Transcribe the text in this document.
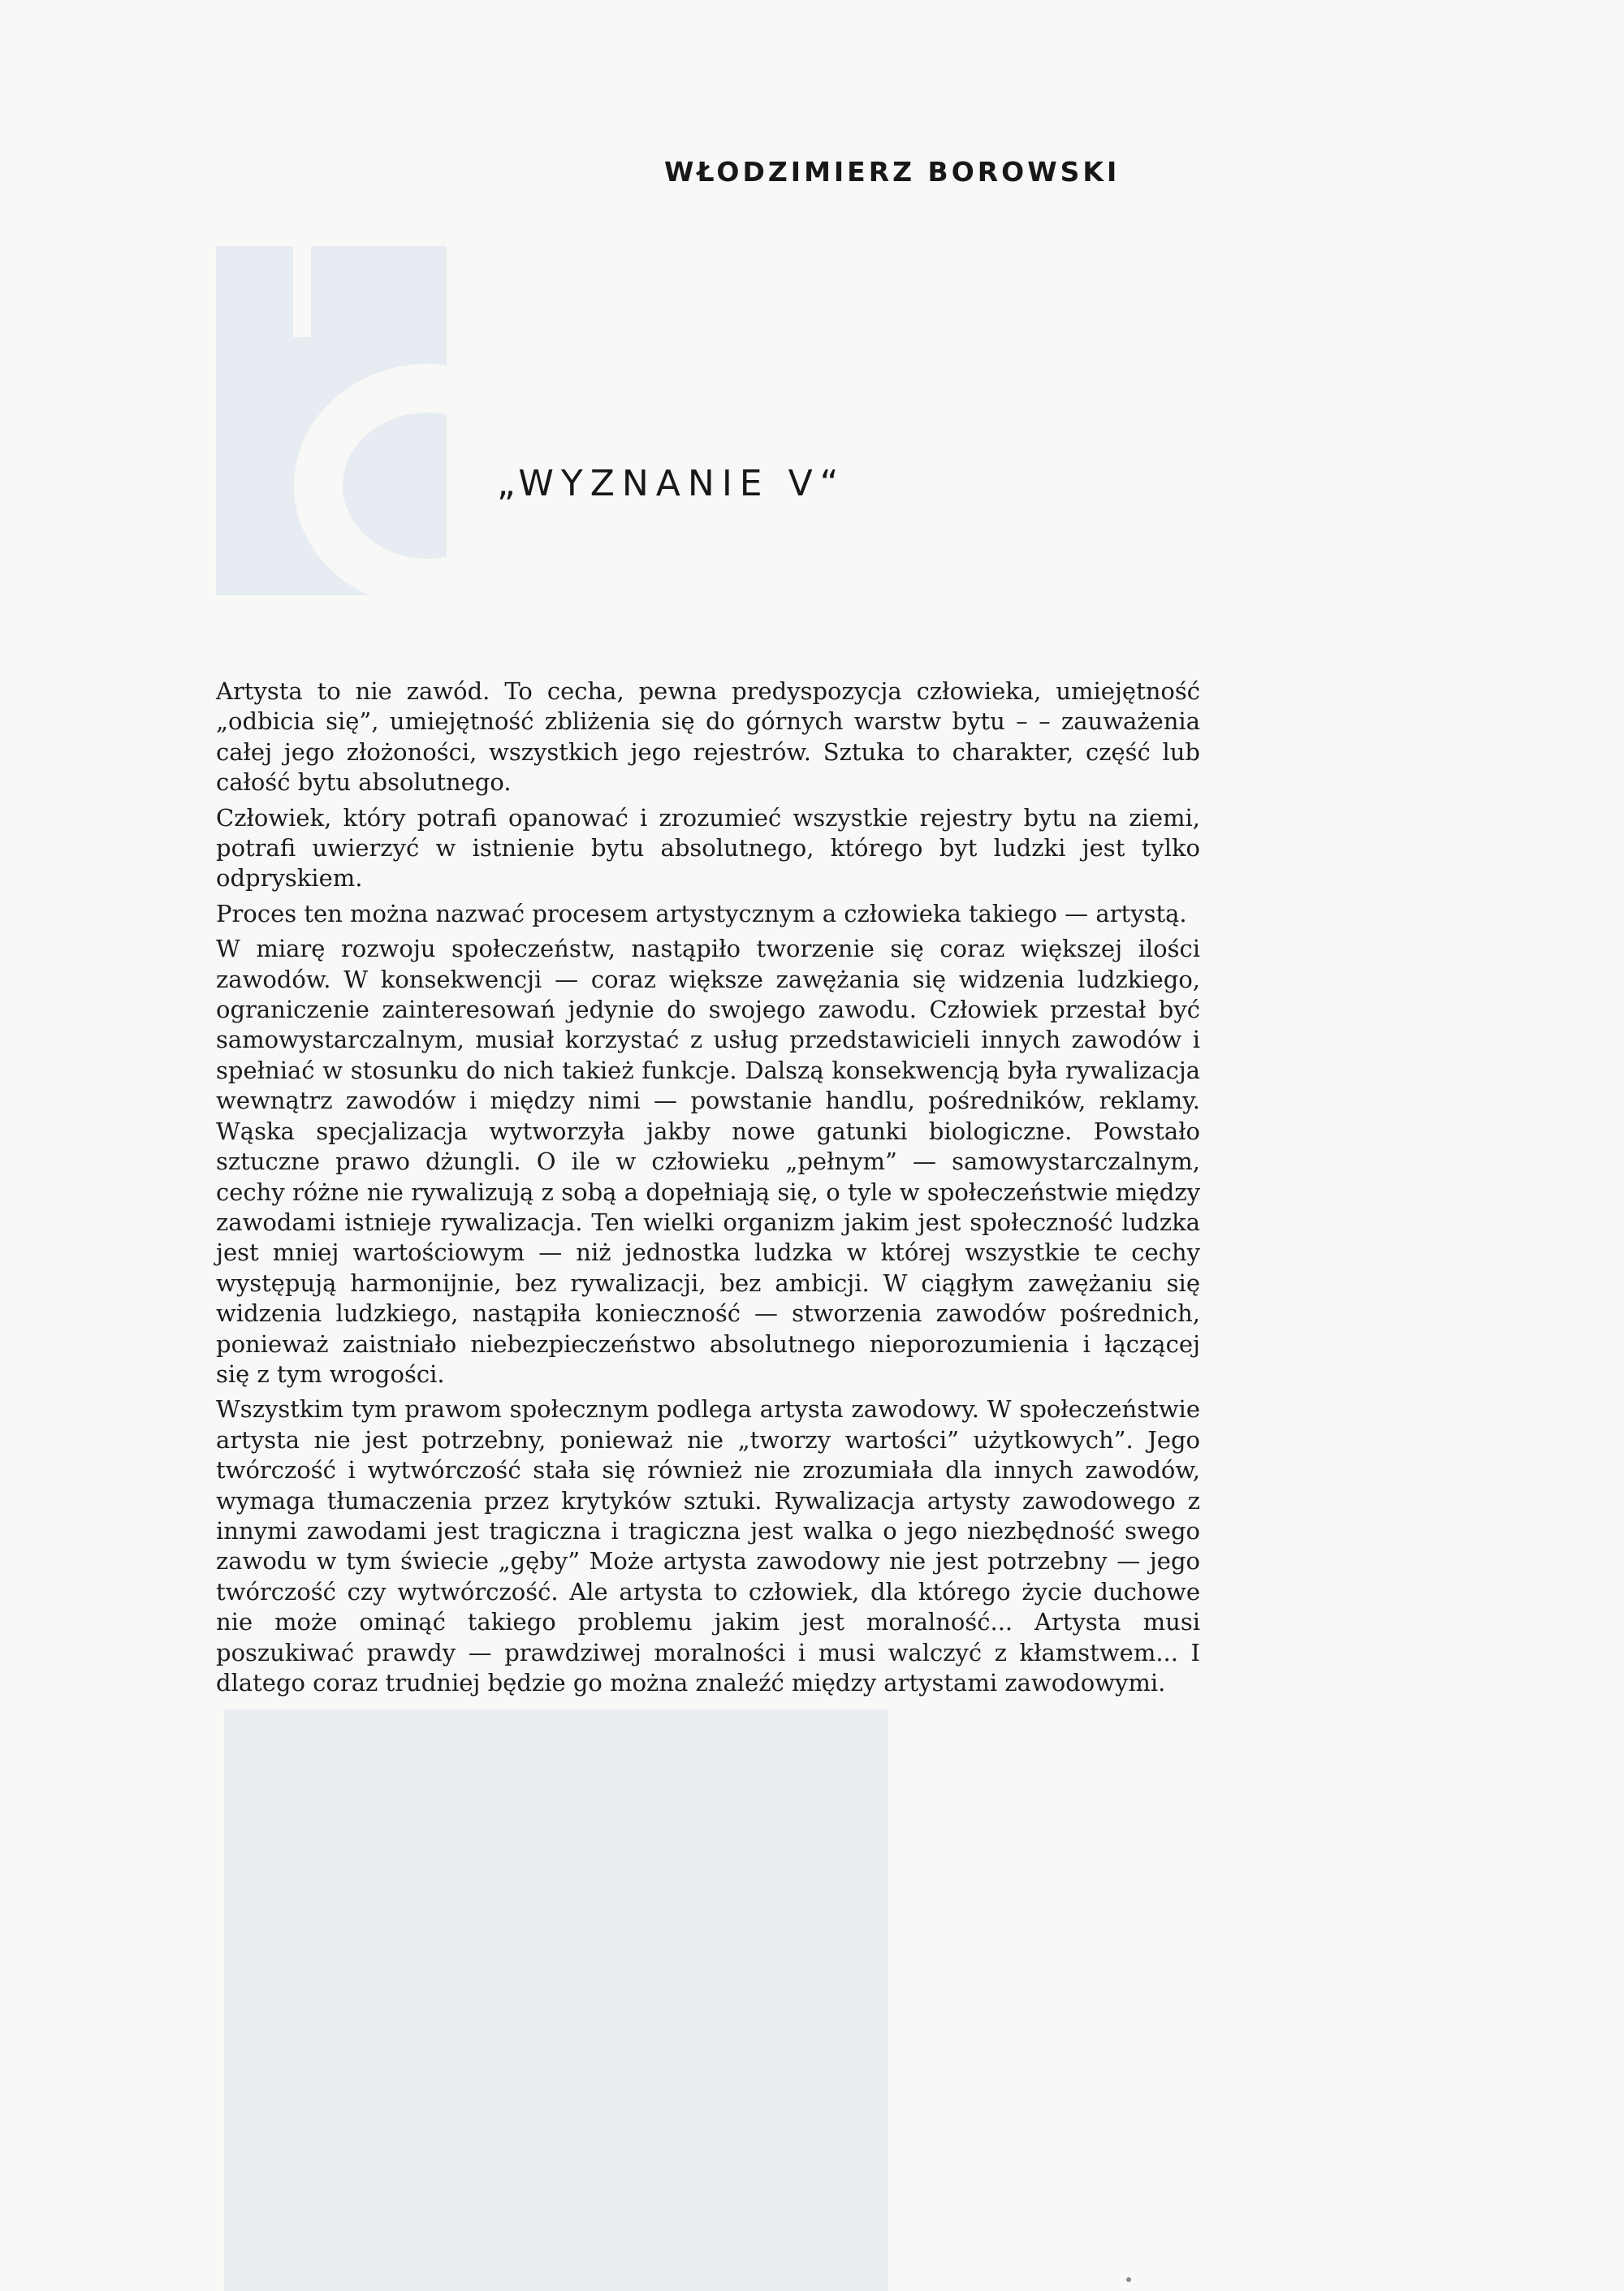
WŁODZIMIERZ BOROWSKI
„WYZNANIE V“

Artysta to nie zawód. To cecha, pewna predyspozycja człowieka, umiejętność „odbicia się”, umiejętność zbliżenia się do górnych warstw bytu – – zauważenia całej jego złożoności, wszystkich jego rejestrów. Sztuka to charakter, część lub całość bytu absolutnego.

Człowiek, który potrafi opanować i zrozumieć wszystkie rejestry bytu na ziemi, potrafi uwierzyć w istnienie bytu absolutnego, którego byt ludzki jest tylko odpryskiem.

Proces ten można nazwać procesem artystycznym a człowieka takiego — artystą.

W miarę rozwoju społeczeństw, nastąpiło tworzenie się coraz większej ilości zawodów. W konsekwencji — coraz większe zawężania się widzenia ludzkiego, ograniczenie zainteresowań jedynie do swojego zawodu. Człowiek przestał być samowystarczalnym, musiał korzystać z usług przedstawicieli innych zawodów i spełniać w stosunku do nich takież funkcje. Dalszą konsekwencją była rywalizacja wewnątrz zawodów i między nimi — powstanie handlu, pośredników, reklamy. Wąska specjalizacja wytworzyła jakby nowe gatunki biologiczne. Powstało sztuczne prawo dżungli. O ile w człowieku „pełnym” — samowystarczalnym, cechy różne nie rywalizują z sobą a dopełniają się, o tyle w społeczeństwie między zawodami istnieje rywalizacja. Ten wielki organizm jakim jest społeczność ludzka jest mniej wartościowym — niż jednostka ludzka w której wszystkie te cechy występują harmonijnie, bez rywalizacji, bez ambicji. W ciągłym zawężaniu się widzenia ludzkiego, nastąpiła konieczność — stworzenia zawodów pośrednich, ponieważ zaistniało niebezpieczeństwo absolutnego nieporozumienia i łączącej się z tym wrogości.

Wszystkim tym prawom społecznym podlega artysta zawodowy. W społeczeństwie artysta nie jest potrzebny, ponieważ nie „tworzy wartości” użytkowych”. Jego twórczość i wytwórczość stała się również nie zrozumiała dla innych zawodów, wymaga tłumaczenia przez krytyków sztuki. Rywalizacja artysty zawodowego z innymi zawodami jest tragiczna i tragiczna jest walka o jego niezbędność swego zawodu w tym świecie „gęby” Może artysta zawodowy nie jest potrzebny — jego twórczość czy wytwórczość. Ale artysta to człowiek, dla którego życie duchowe nie może ominąć takiego problemu jakim jest moralność... Artysta musi poszukiwać prawdy — prawdziwej moralności i musi walczyć z kłamstwem... I dlatego coraz trudniej będzie go można znaleźć między artystami zawodowymi.
